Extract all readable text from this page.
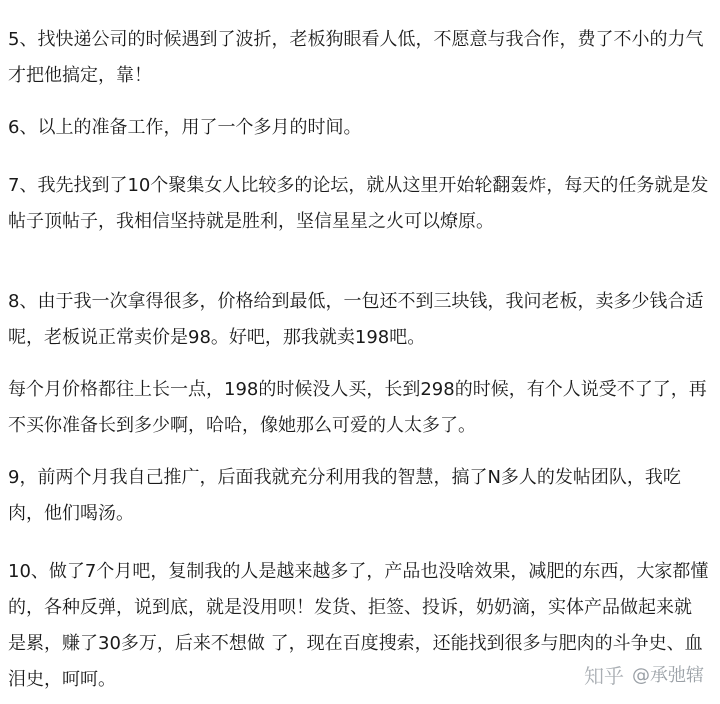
5、找快递公司的时候遇到了波折，老板狗眼看人低，不愿意与我合作，费了不小的力气
才把他搞定，靠！

6、以上的准备工作，用了一个多月的时间。

7、我先找到了10个聚集女人比较多的论坛，就从这里开始轮翻轰炸，每天的任务就是发
帖子顶帖子，我相信坚持就是胜利，坚信星星之火可以燎原。

8、由于我一次拿得很多，价格给到最低，一包还不到三块钱，我问老板，卖多少钱合适
呢，老板说正常卖价是98。好吧，那我就卖198吧。

每个月价格都往上长一点，198的时候没人买，长到298的时候，有个人说受不了了，再
不买你准备长到多少啊，哈哈，像她那么可爱的人太多了。

9，前两个月我自己推广，后面我就充分利用我的智慧，搞了N多人的发帖团队，我吃
肉，他们喝汤。

10、做了7个月吧，复制我的人是越来越多了，产品也没啥效果，减肥的东西，大家都懂
的，各种反弹，说到底，就是没用呗！发货、拒签、投诉，奶奶滴，实体产品做起来就
是累，赚了30多万，后来不想做 了，现在百度搜索，还能找到很多与肥肉的斗争史、血
泪史，呵呵。	知乎 @承弛辖
